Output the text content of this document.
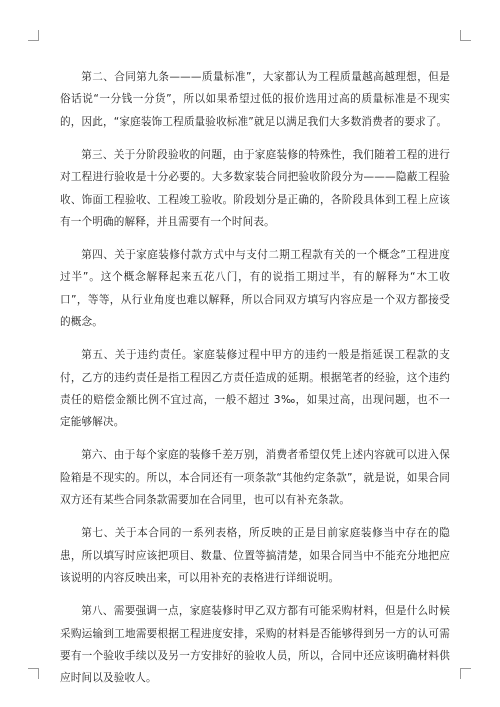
第二、合同第九条———质量标准”，大家都认为工程质量越高越理想，但是俗话说“一分钱一分货”，所以如果希望过低的报价选用过高的质量标准是不现实的，因此，“家庭装饰工程质量验收标准”就足以满足我们大多数消费者的要求了。

第三、关于分阶段验收的问题，由于家庭装修的特殊性，我们随着工程的进行对工程进行验收是十分必要的。大多数家装合同把验收阶段分为———隐蔽工程验收、饰面工程验收、工程竣工验收。阶段划分是正确的，各阶段具体到工程上应该有一个明确的解释，并且需要有一个时间表。

第四、关于家庭装修付款方式中与支付二期工程款有关的一个概念”工程进度过半”。这个概念解释起来五花八门，有的说指工期过半，有的解释为“木工收口”，等等，从行业角度也难以解释，所以合同双方填写内容应是一个双方都接受的概念。

第五、关于违约责任。家庭装修过程中甲方的违约一般是指延误工程款的支付，乙方的违约责任是指工程因乙方责任造成的延期。根据笔者的经验，这个违约责任的赔偿金额比例不宜过高，一般不超过 3‰，如果过高，出现问题，也不一定能够解决。

第六、由于每个家庭的装修千差万别，消费者希望仅凭上述内容就可以进入保险箱是不现实的。所以，本合同还有一项条款“其他约定条款”，就是说，如果合同双方还有某些合同条款需要加在合同里，也可以有补充条款。

第七、关于本合同的一系列表格，所反映的正是目前家庭装修当中存在的隐患，所以填写时应该把项目、数量、位置等搞清楚，如果合同当中不能充分地把应该说明的内容反映出来，可以用补充的表格进行详细说明。

第八、需要强调一点，家庭装修时甲乙双方都有可能采购材料，但是什么时候采购运输到工地需要根据工程进度安排，采购的材料是否能够得到另一方的认可需要有一个验收手续以及另一方安排好的验收人员，所以，合同中还应该明确材料供应时间以及验收人。
